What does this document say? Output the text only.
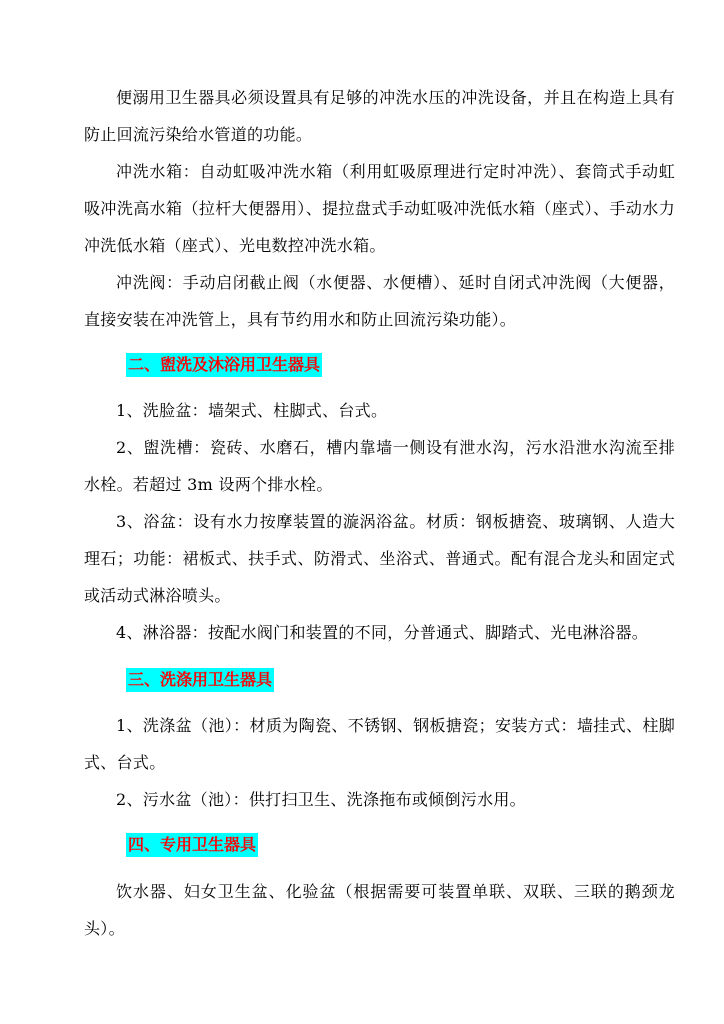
便溺用卫生器具必须设置具有足够的冲洗水压的冲洗设备，并且在构造上具有防止回流污染给水管道的功能。

冲洗水箱：自动虹吸冲洗水箱（利用虹吸原理进行定时冲洗）、套筒式手动虹吸冲洗高水箱（拉杆大便器用）、提拉盘式手动虹吸冲洗低水箱（座式）、手动水力冲洗低水箱（座式）、光电数控冲洗水箱。

冲洗阀：手动启闭截止阀（水便器、水便槽）、延时自闭式冲洗阀（大便器，直接安装在冲洗管上，具有节约用水和防止回流污染功能）。

二、盥洗及沐浴用卫生器具

1、洗脸盆：墙架式、柱脚式、台式。

2、盥洗槽：瓷砖、水磨石，槽内靠墙一侧设有泄水沟，污水沿泄水沟流至排水栓。若超过 3m 设两个排水栓。

3、浴盆：设有水力按摩装置的漩涡浴盆。材质：钢板搪瓷、玻璃钢、人造大理石；功能：裙板式、扶手式、防滑式、坐浴式、普通式。配有混合龙头和固定式或活动式淋浴喷头。

4、淋浴器：按配水阀门和装置的不同，分普通式、脚踏式、光电淋浴器。

三、洗涤用卫生器具

1、洗涤盆（池）：材质为陶瓷、不锈钢、钢板搪瓷；安装方式：墙挂式、柱脚式、台式。

2、污水盆（池）：供打扫卫生、洗涤拖布或倾倒污水用。

四、专用卫生器具

饮水器、妇女卫生盆、化验盆（根据需要可装置单联、双联、三联的鹅颈龙头）。
